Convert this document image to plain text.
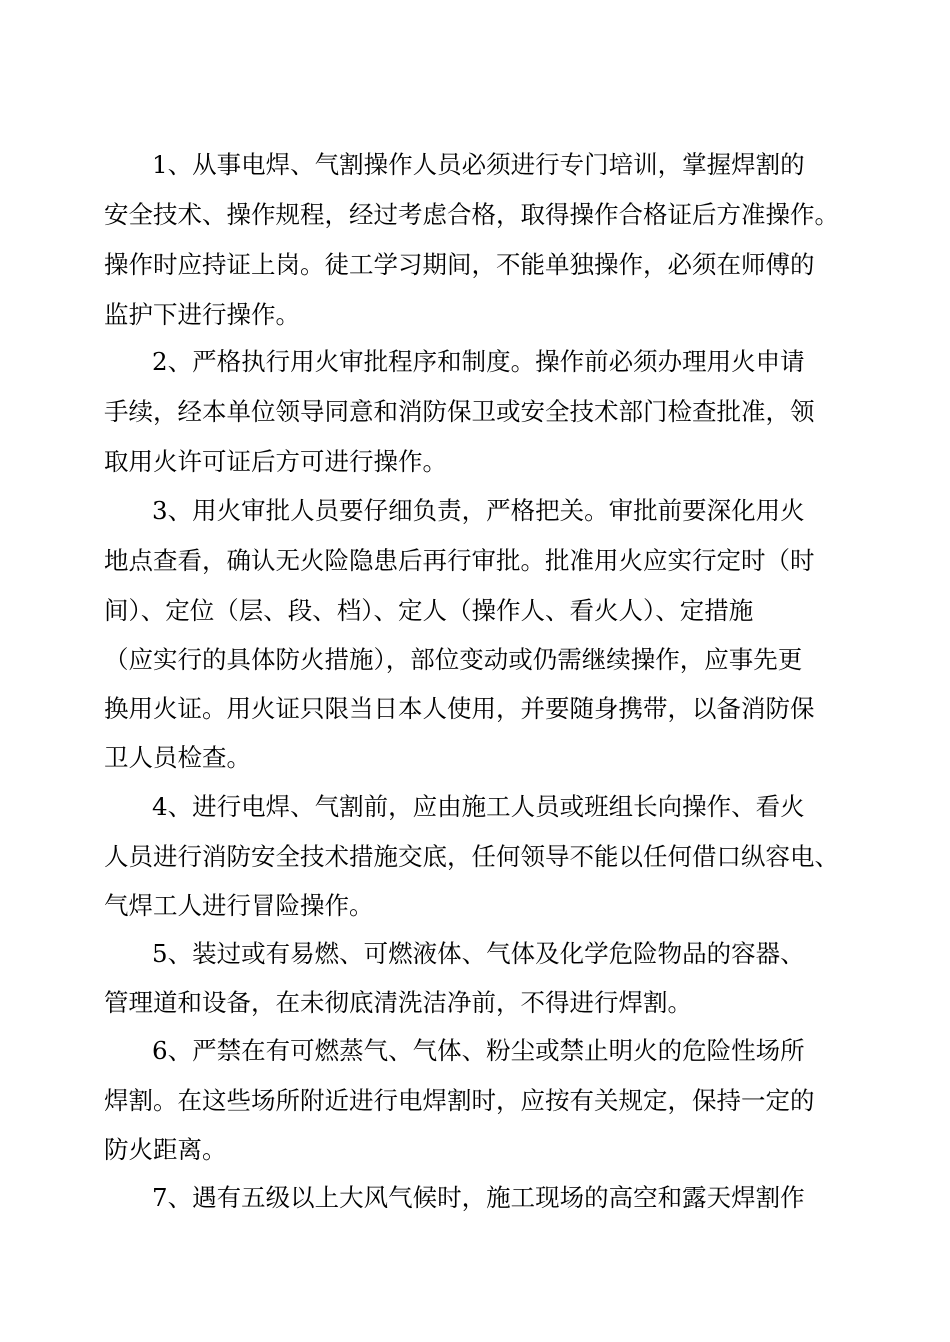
1、从事电焊、气割操作人员必须进行专门培训，掌握焊割的
安全技术、操作规程，经过考虑合格，取得操作合格证后方准操作。
操作时应持证上岗。徒工学习期间，不能单独操作，必须在师傅的
监护下进行操作。
2、严格执行用火审批程序和制度。操作前必须办理用火申请
手续，经本单位领导同意和消防保卫或安全技术部门检查批准，领
取用火许可证后方可进行操作。
3、用火审批人员要仔细负责，严格把关。审批前要深化用火
地点查看，确认无火险隐患后再行审批。批准用火应实行定时（时
间）、定位（层、段、档）、定人（操作人、看火人）、定措施
（应实行的具体防火措施），部位变动或仍需继续操作，应事先更
换用火证。用火证只限当日本人使用，并要随身携带，以备消防保
卫人员检查。
4、进行电焊、气割前，应由施工人员或班组长向操作、看火
人员进行消防安全技术措施交底，任何领导不能以任何借口纵容电、
气焊工人进行冒险操作。
5、装过或有易燃、可燃液体、气体及化学危险物品的容器、
管理道和设备，在未彻底清洗洁净前，不得进行焊割。
6、严禁在有可燃蒸气、气体、粉尘或禁止明火的危险性场所
焊割。在这些场所附近进行电焊割时，应按有关规定，保持一定的
防火距离。
7、遇有五级以上大风气候时，施工现场的高空和露天焊割作
